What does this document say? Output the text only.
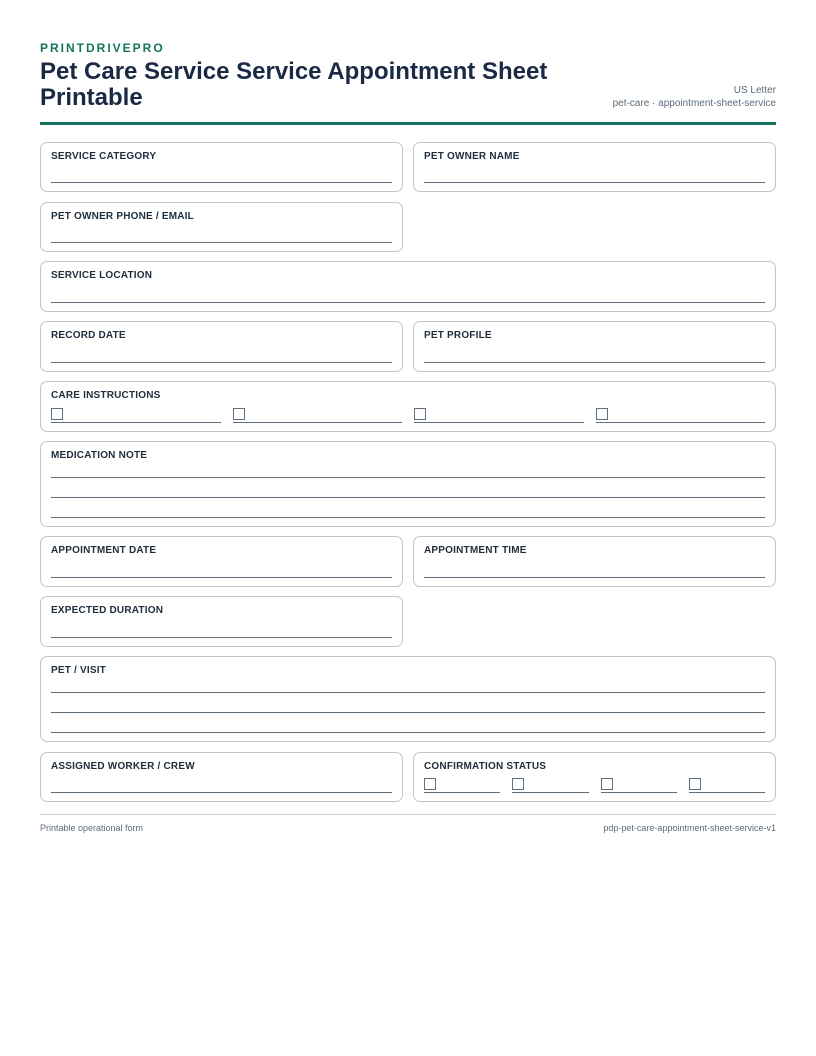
PRINTDRIVEPRO
Pet Care Service Service Appointment Sheet Printable	US Letter
pet-care · appointment-sheet-service
SERVICE CATEGORY	PET OWNER NAME
PET OWNER PHONE / EMAIL
SERVICE LOCATION
RECORD DATE	PET PROFILE
CARE INSTRUCTIONS
MEDICATION NOTE
APPOINTMENT DATE	APPOINTMENT TIME
EXPECTED DURATION
PET / VISIT
ASSIGNED WORKER / CREW	CONFIRMATION STATUS
Printable operational form	pdp-pet-care-appointment-sheet-service-v1
